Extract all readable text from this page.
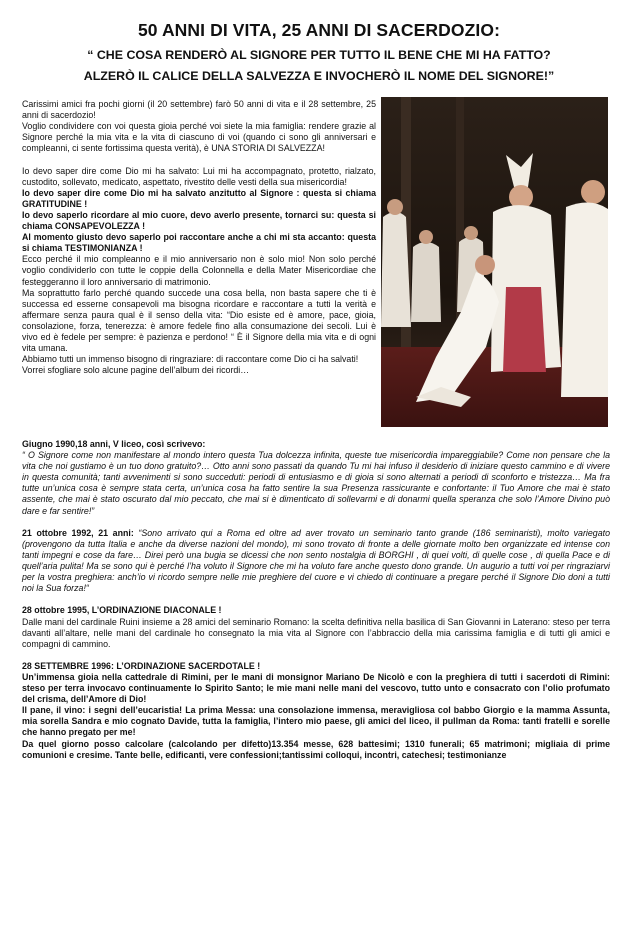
50 ANNI DI VITA, 25 ANNI DI SACERDOZIO:
“ CHE COSA RENDERÒ AL SIGNORE PER TUTTO IL BENE CHE MI HA FATTO?
ALZERÒ IL CALICE DELLA SALVEZZA E INVOCHERÒ IL NOME DEL SIGNORE!”

Carissimi amici fra pochi giorni (il 20 settembre) farò 50 anni di vita e il 28 settembre, 25 anni di sacerdozio!

Voglio condividere con voi questa gioia perché voi siete la mia famiglia: rendere grazie al Signore perché la mia vita e la vita di ciascuno di voi (quando ci sono gli anniversari e compleanni, ci sente fortissima questa verità), è UNA STORIA DI SALVEZZA!

Io devo saper dire come Dio mi ha salvato: Lui mi ha accompagnato, protetto, rialzato, custodito, sollevato, medicato, aspettato, rivestito delle vesti della sua misericordia!

Io devo saper dire come Dio mi ha salvato anzitutto al Signore : questa si chiama GRATITUDINE !

Io devo saperlo ricordare al mio cuore, devo averlo presente, tornarci su: questa si chiama CONSAPEVOLEZZA !

Al momento giusto devo saperlo poi raccontare anche a chi mi sta accanto: questa si chiama TESTIMONIANZA !

Ecco perché il mio compleanno e il mio anniversario non è solo mio! Non solo perché voglio condividerlo con tutte le coppie della Colonnella e della Mater Misericordiae che festeggeranno il loro anniversario di matrimonio.

Ma soprattutto farlo perché quando succede una cosa bella, non basta sapere che ti è successa ed esserne consapevoli ma bisogna ricordare e raccontare a tutti la verità e affermare senza paura qual è il senso della vita: “Dio esiste ed è amore, pace, gioia, consolazione, forza, tenerezza: è amore fedele fino alla consumazione dei secoli. Lui è vivo ed è fedele per sempre: è pazienza e perdono! “ È il Signore della mia vita e di ogni vita umana.

Abbiamo tutti un immenso bisogno di ringraziare: di raccontare come Dio ci ha salvati!

Vorrei sfogliare solo alcune pagine dell’album dei ricordi…

Giugno 1990,18 anni, V liceo, così scrivevo:

“ O Signore come non manifestare al mondo intero questa Tua dolcezza infinita, queste tue misericordia impareggiabile? Come non pensare che la vita che noi gustiamo è un tuo dono gratuito?… Otto anni sono passati da quando Tu mi hai infuso il desiderio di iniziare questo cammino e di vivere in questa comunità; tanti avvenimenti si sono succeduti: periodi di entusiasmo e di gioia si sono alternati a periodi di sconforto e tristezza… Ma fra tutte un’unica cosa è sempre stata certa, un’unica cosa ha fatto sentire la sua Presenza rassicurante e confortante: il Tuo Amore che mai è stato assente, che mai è stato oscurato dal mio peccato, che mai si è dimenticato di sollevarmi e di donarmi quella speranza che solo l’Amore Divino può dare e far sentire!”

21 ottobre 1992, 21 anni: “Sono arrivato qui a Roma ed oltre ad aver trovato un seminario tanto grande (186 seminaristi), molto variegato (provengono da tutta Italia e anche da diverse nazioni del mondo), mi sono trovato di fronte a delle giornate molto ben organizzate ed intense con tanti impegni e cose da fare… Direi però una bugia se dicessi che non sento nostalgia di BORGHI , di quei volti, di quelle cose , di quella Pace e di quell’aria pulita! Ma se sono qui è perché l’ha voluto il Signore che mi ha voluto fare anche questo dono grande. Un augurio a tutti voi per ringraziarvi per la vostra preghiera: anch’io vi ricordo sempre nelle mie preghiere del cuore e vi chiedo di continuare a pregare perché il Signore Dio doni a tutti noi la Sua forza!“

28 ottobre 1995, L’ORDINAZIONE DIACONALE !

Dalle mani del cardinale Ruini insieme a 28 amici del seminario Romano: la scelta definitiva nella basilica di San Giovanni in Laterano: steso per terra davanti all’altare, nelle mani del cardinale ho consegnato la mia vita al Signore con l’abbraccio della mia carissima famiglia e di tutti gli amici e compagni di cammino.

28 SETTEMBRE 1996: L’ORDINAZIONE SACERDOTALE !

Un’immensa gioia nella cattedrale di Rimini, per le mani di monsignor Mariano De Nicolò e con la preghiera di tutti i sacerdoti di Rimini: steso per terra invocavo continuamente lo Spirito Santo; le mie mani nelle mani del vescovo, tutto unto e consacrato con l’olio profumato del crisma, dell’Amore di Dio!

Il pane, il vino: i segni dell’eucaristia! La prima Messa: una consolazione immensa, meravigliosa col babbo Giorgio e la mamma Assunta, mia sorella Sandra e mio cognato Davide, tutta la famiglia, l’intero mio paese, gli amici del liceo, il pullman da Roma: tanti fratelli e sorelle che hanno pregato per me!

Da quel giorno posso calcolare (calcolando per difetto)13.354 messe, 628 battesimi; 1310 funerali; 65 matrimoni; migliaia di prime comunioni e cresime. Tante belle, edificanti, vere confessioni;tantissimi colloqui, incontri, catechesi; testimonianze
